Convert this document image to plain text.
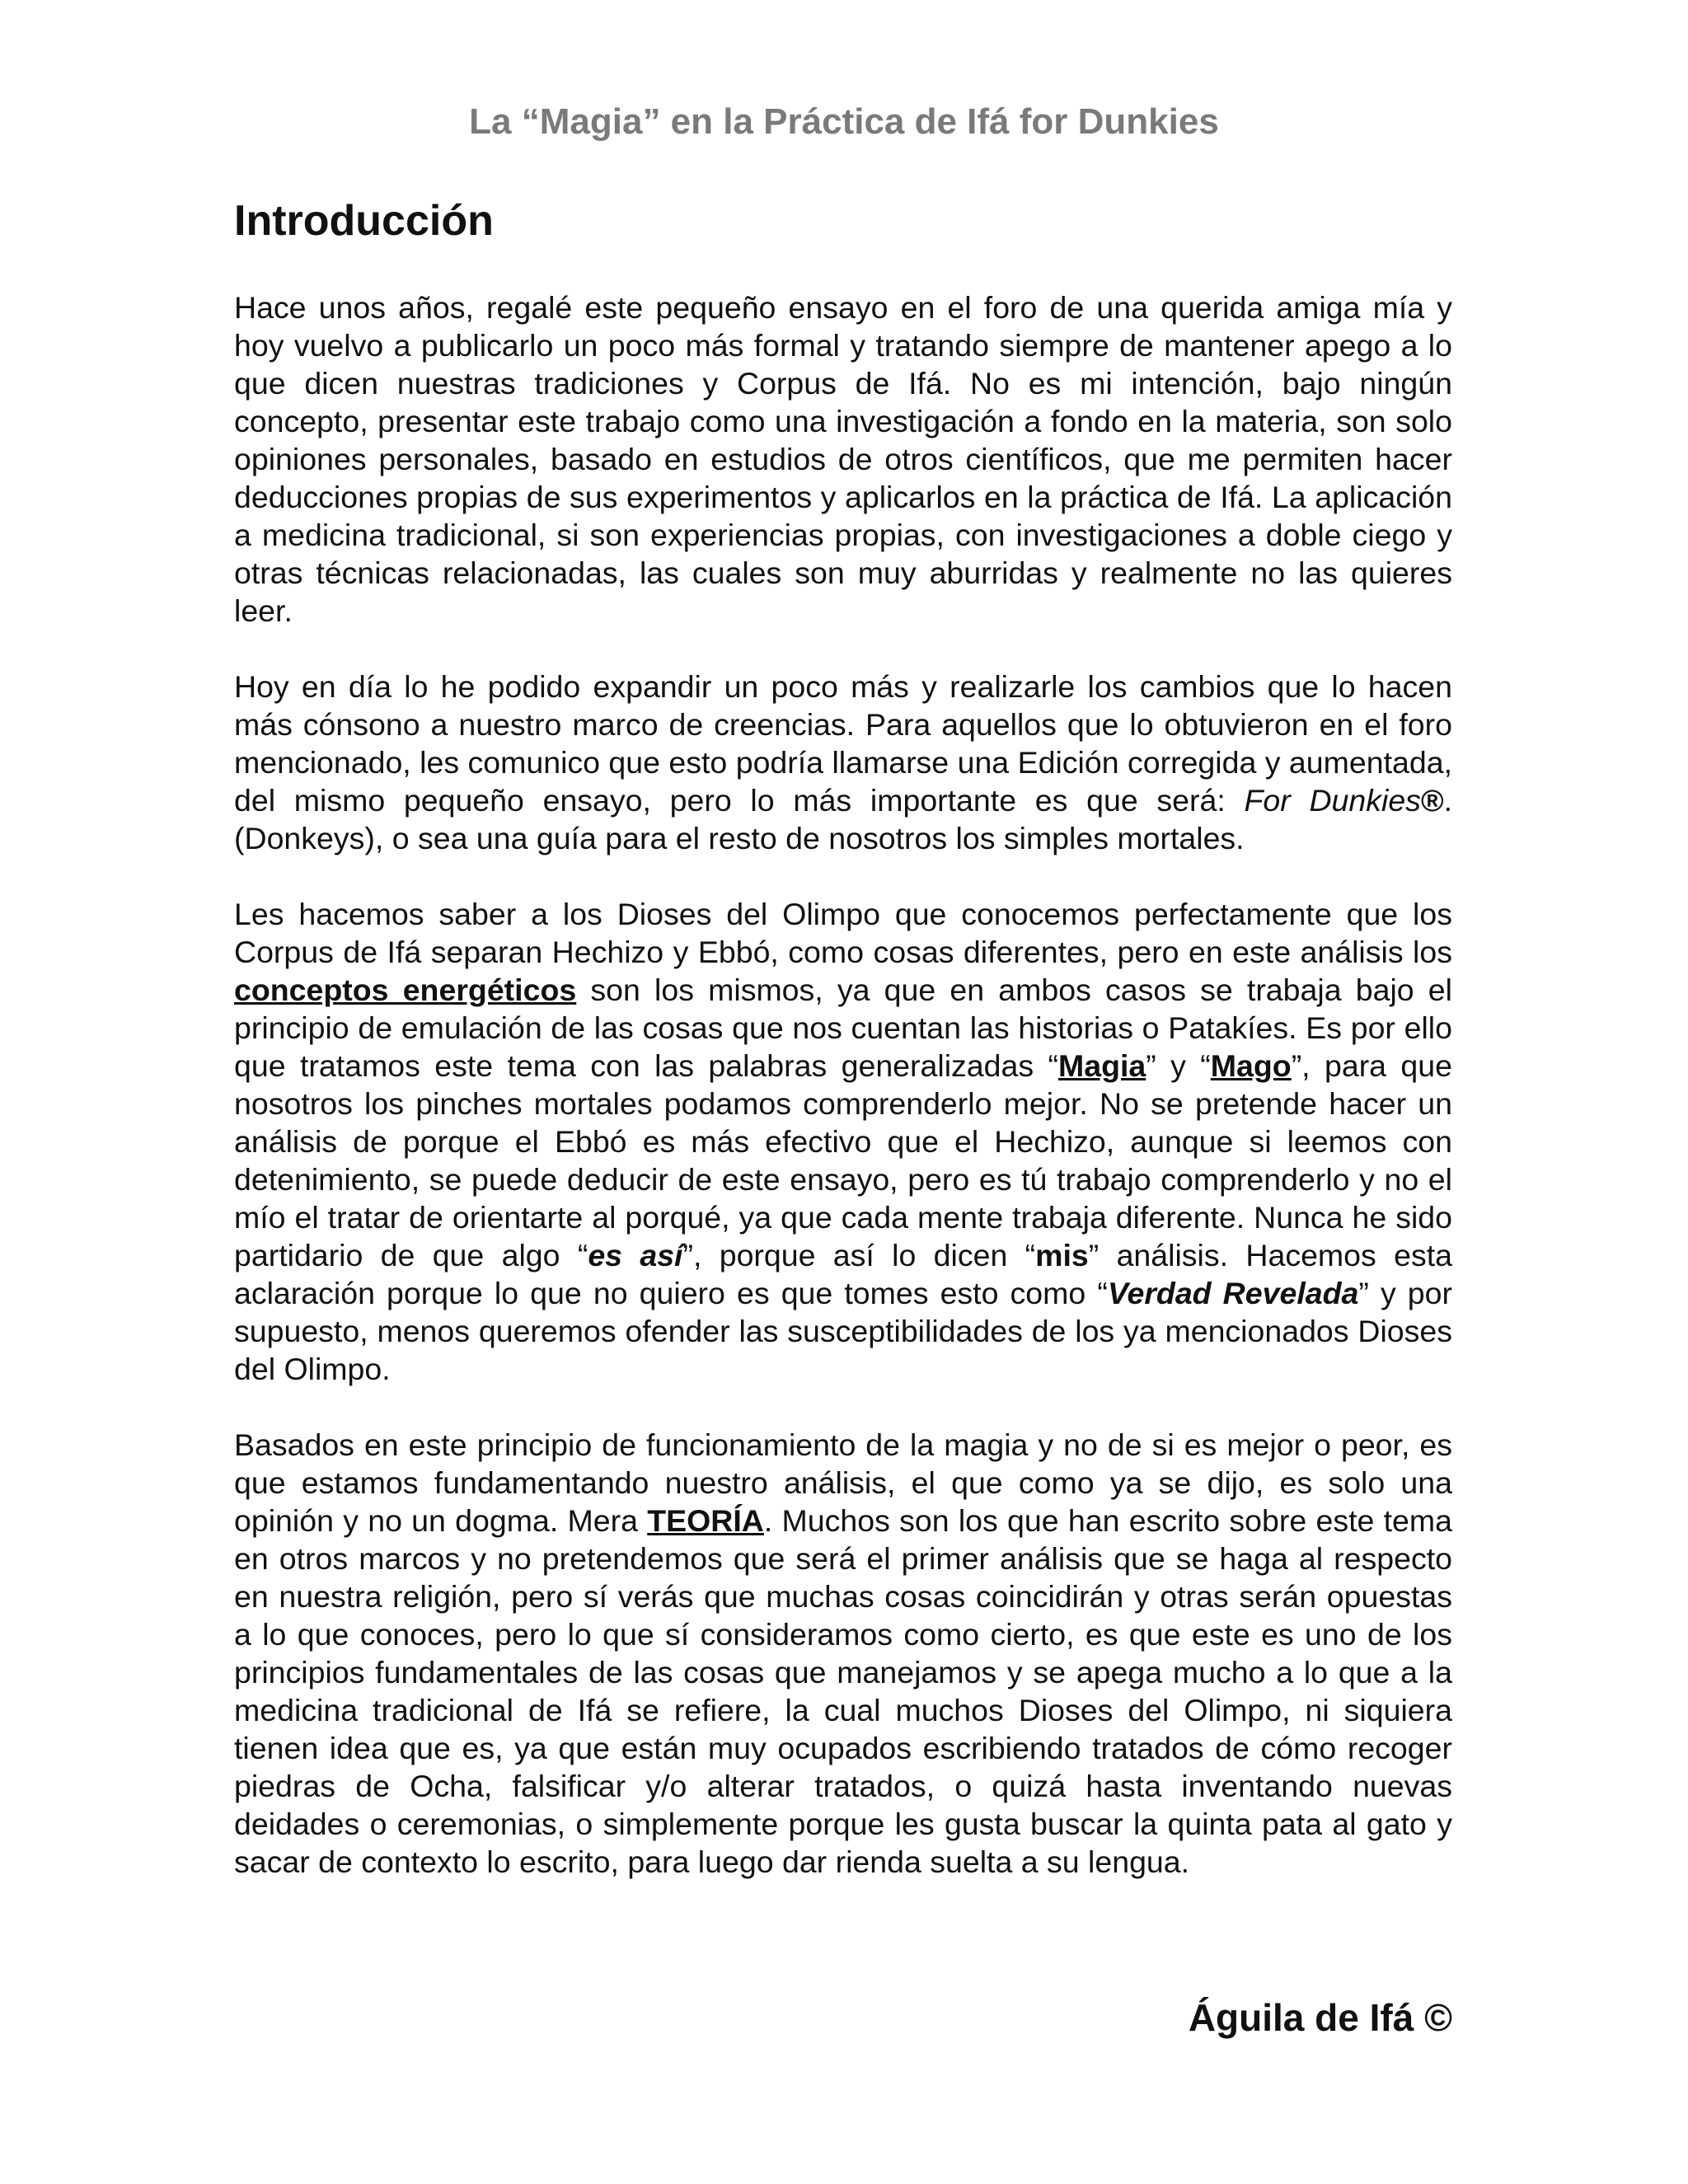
La “Magia” en la Práctica de Ifá for Dunkies
Introducción

Hace unos años, regalé este pequeño ensayo en el foro de una querida amiga mía y hoy vuelvo a publicarlo un poco más formal y tratando siempre de mantener apego a lo que dicen nuestras tradiciones y Corpus de Ifá. No es mi intención, bajo ningún concepto, presentar este trabajo como una investigación a fondo en la materia, son solo opiniones personales, basado en estudios de otros científicos, que me permiten hacer deducciones propias de sus experimentos y aplicarlos en la práctica de Ifá. La aplicación a medicina tradicional, si son experiencias propias, con investigaciones a doble ciego y otras técnicas relacionadas, las cuales son muy aburridas y realmente no las quieres leer.

Hoy en día lo he podido expandir un poco más y realizarle los cambios que lo hacen más cónsono a nuestro marco de creencias. Para aquellos que lo obtuvieron en el foro mencionado, les comunico que esto podría llamarse una Edición corregida y aumentada, del mismo pequeño ensayo, pero lo más importante es que será: For Dunkies®. (Donkeys), o sea una guía para el resto de nosotros los simples mortales.

Les hacemos saber a los Dioses del Olimpo que conocemos perfectamente que los Corpus de Ifá separan Hechizo y Ebbó, como cosas diferentes, pero en este análisis los conceptos energéticos son los mismos, ya que en ambos casos se trabaja bajo el principio de emulación de las cosas que nos cuentan las historias o Patakíes. Es por ello que tratamos este tema con las palabras generalizadas “Magia” y “Mago”, para que nosotros los pinches mortales podamos comprenderlo mejor. No se pretende hacer un análisis de porque el Ebbó es más efectivo que el Hechizo, aunque si leemos con detenimiento, se puede deducir de este ensayo, pero es tú trabajo comprenderlo y no el mío el tratar de orientarte al porqué, ya que cada mente trabaja diferente. Nunca he sido partidario de que algo “es así”, porque así lo dicen “mis” análisis. Hacemos esta aclaración porque lo que no quiero es que tomes esto como “Verdad Revelada” y por supuesto, menos queremos ofender las susceptibilidades de los ya mencionados Dioses del Olimpo.

Basados en este principio de funcionamiento de la magia y no de si es mejor o peor, es que estamos fundamentando nuestro análisis, el que como ya se dijo, es solo una opinión y no un dogma. Mera TEORÍA. Muchos son los que han escrito sobre este tema en otros marcos y no pretendemos que será el primer análisis que se haga al respecto en nuestra religión, pero sí verás que muchas cosas coincidirán y otras serán opuestas a lo que conoces, pero lo que sí consideramos como cierto, es que este es uno de los principios fundamentales de las cosas que manejamos y se apega mucho a lo que a la medicina tradicional de Ifá se refiere, la cual muchos Dioses del Olimpo, ni siquiera tienen idea que es, ya que están muy ocupados escribiendo tratados de cómo recoger piedras de Ocha, falsificar y/o alterar tratados, o quizá hasta inventando nuevas deidades o ceremonias, o simplemente porque les gusta buscar la quinta pata al gato y sacar de contexto lo escrito, para luego dar rienda suelta a su lengua.

Águila de Ifá ©
